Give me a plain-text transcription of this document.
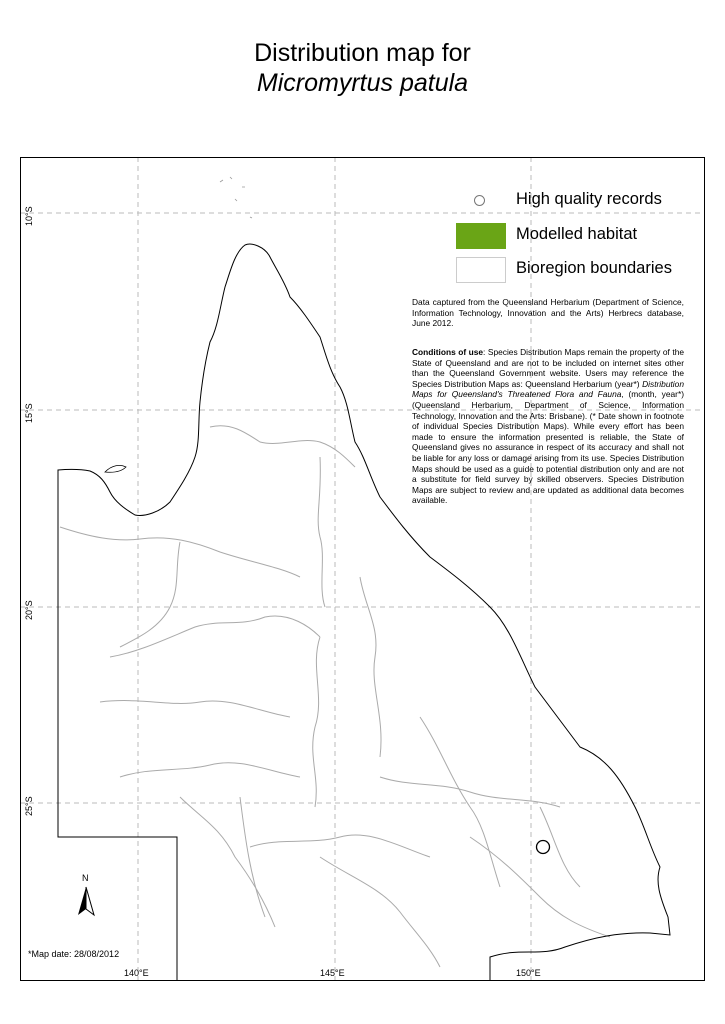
Distribution map for
Micromyrtus patula
High quality records
Modelled habitat
Bioregion boundaries
Data captured from the Queensland Herbarium (Department of Science, Information Technology, Innovation and the Arts) Herbrecs database, June 2012.
Conditions of use: Species Distribution Maps remain the property of the State of Queensland and are not to be included on internet sites other than the Queensland Government website. Users may reference the Species Distribution Maps as: Queensland Herbarium (year*) Distribution Maps for Queensland's Threatened Flora and Fauna, (month, year*) (Queensland Herbarium, Department of Science, Information Technology, Innovation and the Arts: Brisbane). (* Date shown in footnote of individual Species Distribution Maps). While every effort has been made to ensure the information presented is reliable, the State of Queensland gives no assurance in respect of its accuracy and shall not be liable for any loss or damage arising from its use. Species Distribution Maps should be used as a guide to potential distribution only and are not a substitute for field survey by skilled observers. Species Distribution Maps are subject to review and are updated as additional data becomes available.
N
*Map date: 28/08/2012
140°E	145°E	150°E
10°S
15°S
20°S
25°S
